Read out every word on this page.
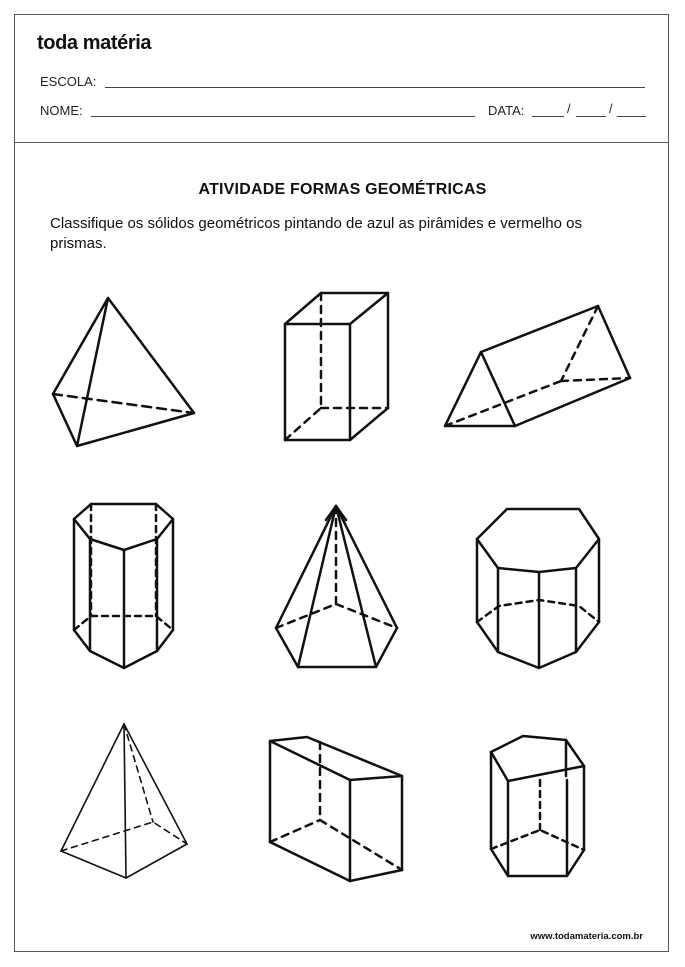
toda matéria
ESCOLA:
NOME:	DATA:	/	/
ATIVIDADE FORMAS GEOMÉTRICAS
Classifique os sólidos geométricos pintando de azul as pirâmides e vermelho os prismas.
www.todamateria.com.br
